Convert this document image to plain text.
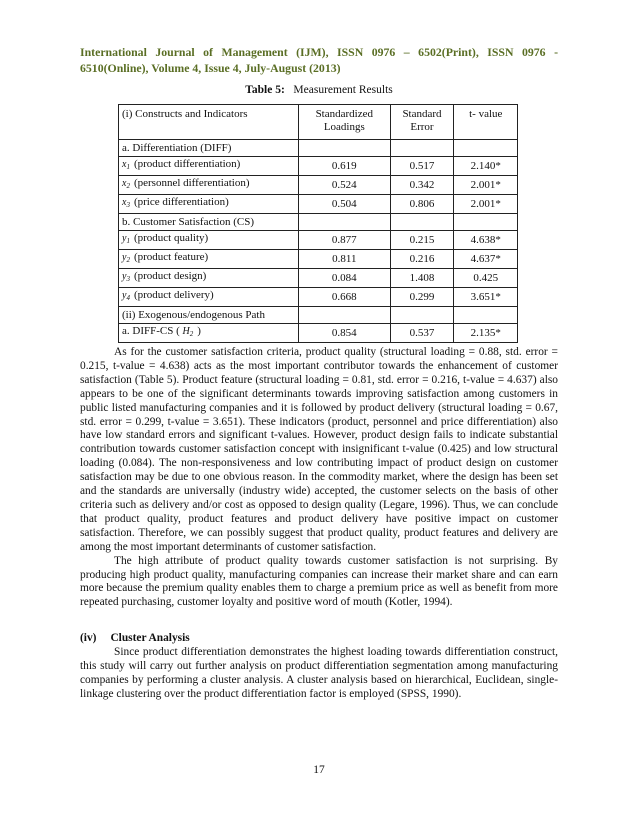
International Journal of Management (IJM), ISSN 0976 – 6502(Print), ISSN 0976 - 6510(Online), Volume 4, Issue 4, July-August (2013)
Table 5: Measurement Results
(i) Constructs and Indicators	Standardized Loadings	Standard Error	t- value
a. Differentiation (DIFF)			
$x_1$ (product differentiation)	0.619	0.517	2.140*
$x_2$ (personnel differentiation)	0.524	0.342	2.001*
$x_3$ (price differentiation)	0.504	0.806	2.001*
b. Customer Satisfaction (CS)			
$y_1$ (product quality)	0.877	0.215	4.638*
$y_2$ (product feature)	0.811	0.216	4.637*
$y_3$ (product design)	0.084	1.408	0.425
$y_4$ (product delivery)	0.668	0.299	3.651*
(ii) Exogenous/endogenous Path			
a. DIFF-CS ( $H_2$ )	0.854	0.537	2.135*

As for the customer satisfaction criteria, product quality (structural loading = 0.88, std. error = 0.215, t-value = 4.638) acts as the most important contributor towards the enhancement of customer satisfaction (Table 5). Product feature (structural loading = 0.81, std. error = 0.216, t-value = 4.637) also appears to be one of the significant determinants towards improving satisfaction among customers in public listed manufacturing companies and it is followed by product delivery (structural loading = 0.67, std. error = 0.299, t-value = 3.651). These indicators (product, personnel and price differentiation) also have low standard errors and significant t-values. However, product design fails to indicate substantial contribution towards customer satisfaction concept with insignificant t-value (0.425) and low structural loading (0.084). The non-responsiveness and low contributing impact of product design on customer satisfaction may be due to one obvious reason. In the commodity market, where the design has been set and the standards are universally (industry wide) accepted, the customer selects on the basis of other criteria such as delivery and/or cost as opposed to design quality (Legare, 1996). Thus, we can conclude that product quality, product features and product delivery have positive impact on customer satisfaction. Therefore, we can possibly suggest that product quality, product features and delivery are among the most important determinants of customer satisfaction.

The high attribute of product quality towards customer satisfaction is not surprising. By producing high product quality, manufacturing companies can increase their market share and can earn more because the premium quality enables them to charge a premium price as well as benefit from more repeated purchasing, customer loyalty and positive word of mouth (Kotler, 1994).

(iv) Cluster Analysis

Since product differentiation demonstrates the highest loading towards differentiation construct, this study will carry out further analysis on product differentiation segmentation among manufacturing companies by performing a cluster analysis. A cluster analysis based on hierarchical, Euclidean, single-linkage clustering over the product differentiation factor is employed (SPSS, 1990).

17
